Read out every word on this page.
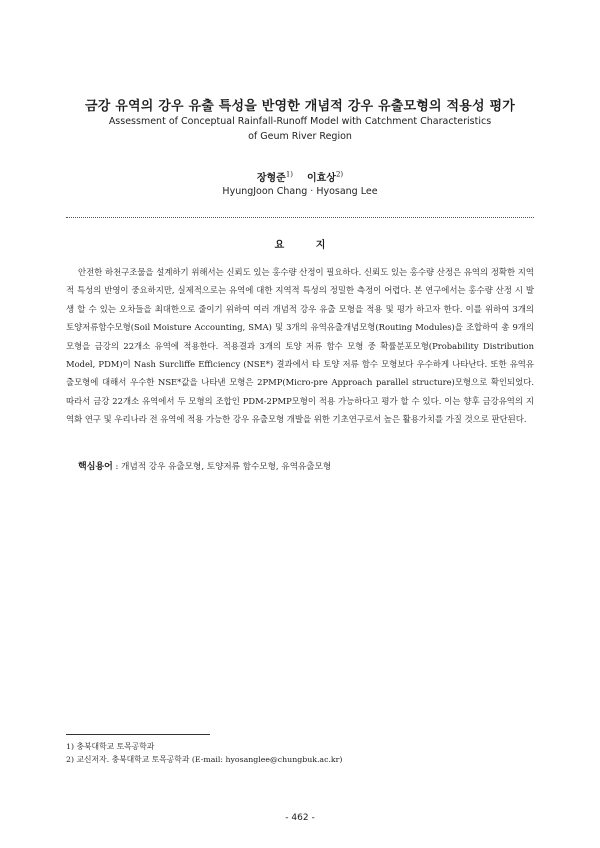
금강 유역의 강우 유출 특성을 반영한 개념적 강우 유출모형의 적용성 평가
Assessment of Conceptual Rainfall-Runoff Model with Catchment Characteristics
of Geum River Region
장형준$^{1)}$ 이효상$^{2)}$
HyungJoon Chang · Hyosang Lee
요 지
안전한 하천구조물을 설계하기 위해서는 신뢰도 있는 홍수량 산정이 필요하다. 신뢰도 있는 홍수량 산정은 유역의 정확한 지역적 특성의 반영이 중요하지만, 실제적으로는 유역에 대한 지역적 특성의 정밀한 측정이 어렵다. 본 연구에서는 홍수량 산정 시 발생 할 수 있는 오차들을 최대한으로 줄이기 위하여 여러 개념적 강우 유출 모형을 적용 및 평가 하고자 한다. 이를 위하여 3개의 토양저류함수모형(Soil Moisture Accounting, SMA) 및 3개의 유역유출개념모형(Routing Modules)을 조합하여 총 9개의 모형을 금강의 22개소 유역에 적용한다. 적용결과 3개의 토양 저류 함수 모형 중 확률분포모형(Probability Distribution Model, PDM)이 Nash Surcliffe Efficiency (NSE*) 결과에서 타 토양 저류 함수 모형보다 우수하게 나타난다. 또한 유역유출모형에 대해서 우수한 NSE*값을 나타낸 모형은 2PMP(Micro-pre Approach parallel structure)모형으로 확인되었다. 따라서 금강 22개소 유역에서 두 모형의 조합인 PDM-2PMP모형이 적용 가능하다고 평가 할 수 있다. 이는 향후 금강유역의 지역화 연구 및 우리나라 전 유역에 적용 가능한 강우 유출모형 개발을 위한 기초연구로서 높은 활용가치를 가질 것으로 판단된다.
핵심용어 : 개념적 강우 유출모형, 토양저류 함수모형, 유역유출모형
1) 충북대학교 토목공학과
2) 교신저자. 충북대학교 토목공학과 (E-mail: hyosanglee@chungbuk.ac.kr)
- 462 -
